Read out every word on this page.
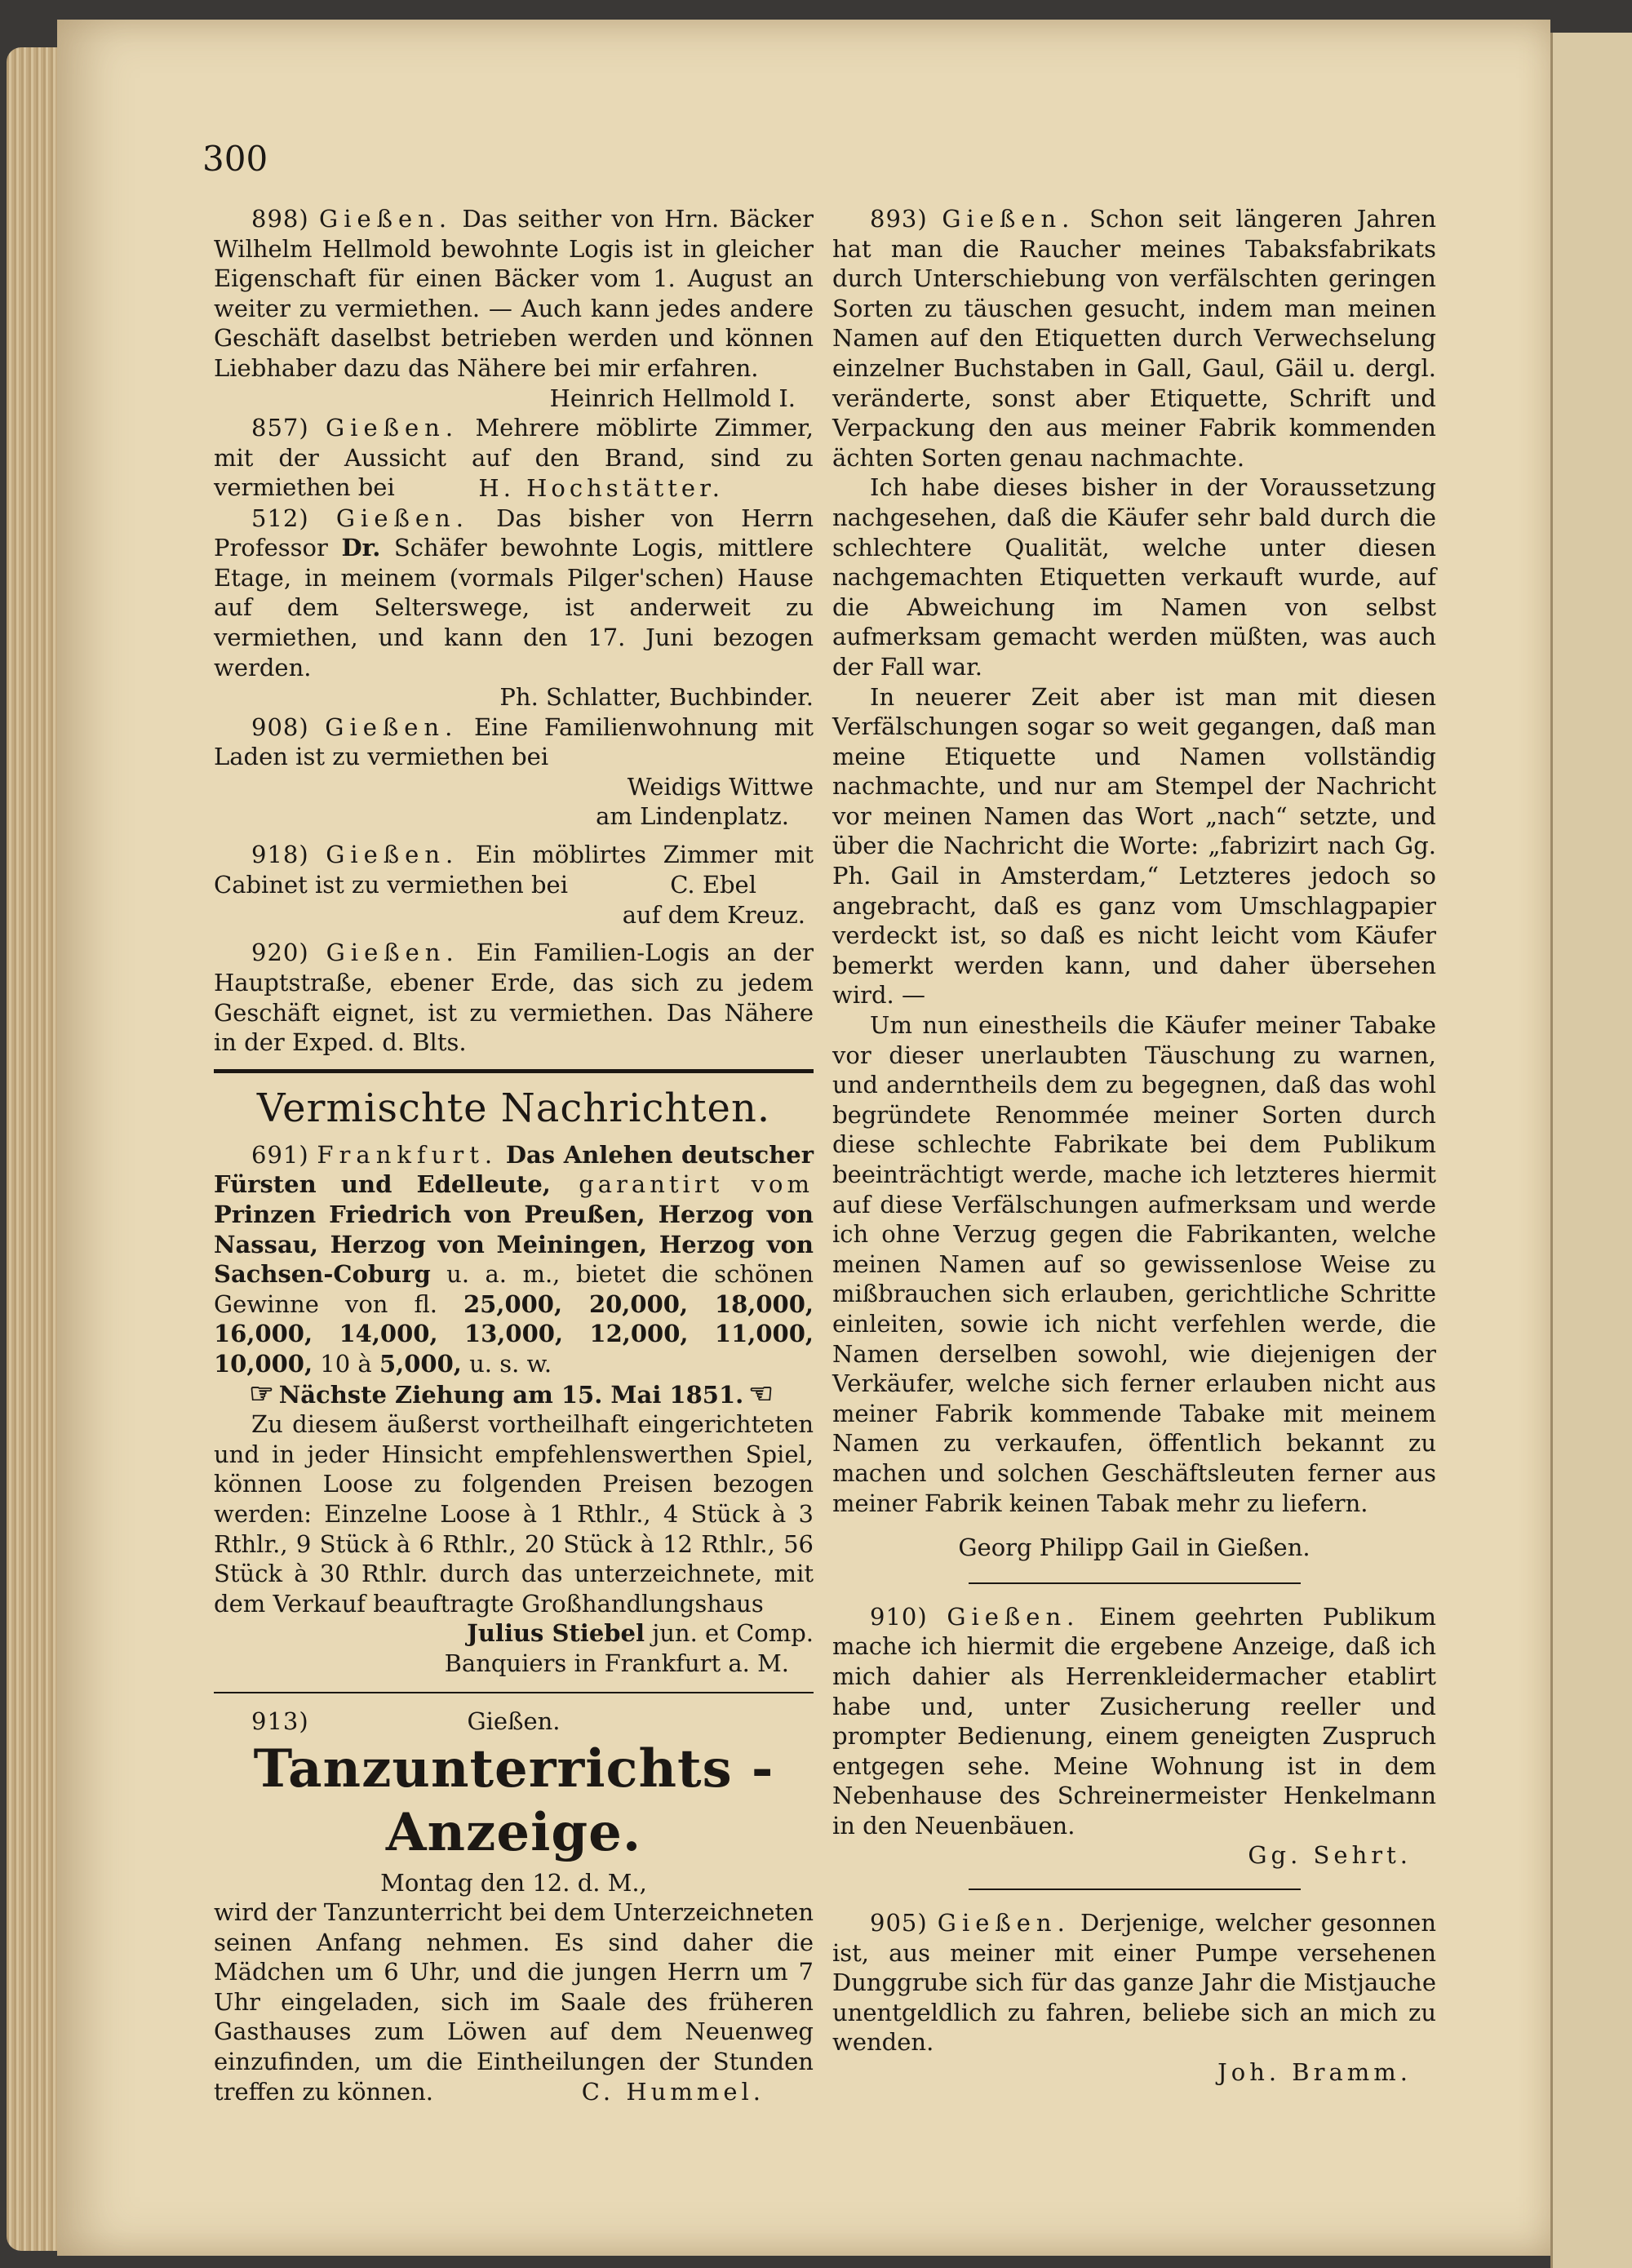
300

898) Gießen. Das seither von Hrn. Bäcker Wilhelm Hellmold bewohnte Logis ist in gleicher Eigenschaft für einen Bäcker vom 1. August an weiter zu vermiethen. — Auch kann jedes andere Geschäft daselbst betrieben werden und können Liebhaber dazu das Nähere bei mir erfahren.

Heinrich Hellmold I.

857) Gießen. Mehrere möblirte Zimmer, mit der Aussicht auf den Brand, sind zu vermiethen bei	H. Hochstätter.

512) Gießen. Das bisher von Herrn Professor Dr. Schäfer bewohnte Logis, mittlere Etage, in meinem (vormals Pilger'schen) Hause auf dem Selterswege, ist anderweit zu vermiethen, und kann den 17. Juni bezogen werden.

Ph. Schlatter, Buchbinder.

908) Gießen. Eine Familienwohnung mit Laden ist zu vermiethen bei

Weidigs Wittwe
am Lindenplatz.

918) Gießen. Ein möblirtes Zimmer mit Cabinet ist zu vermiethen bei	C. Ebel
auf dem Kreuz.

920) Gießen. Ein Familien-Logis an der Hauptstraße, ebener Erde, das sich zu jedem Geschäft eignet, ist zu vermiethen. Das Nähere in der Exped. d. Blts.

Vermischte Nachrichten.

691) Frankfurt. Das Anlehen deutscher Fürsten und Edelleute, garantirt vom Prinzen Friedrich von Preußen, Herzog von Nassau, Herzog von Meiningen, Herzog von Sachsen-Coburg u. a. m., bietet die schönen Gewinne von fl. 25,000, 20,000, 18,000, 16,000, 14,000, 13,000, 12,000, 11,000, 10,000, 10 à 5,000, u. s. w.

☞ Nächste Ziehung am 15. Mai 1851. ☜

Zu diesem äußerst vortheilhaft eingerichteten und in jeder Hinsicht empfehlenswerthen Spiel, können Loose zu folgenden Preisen bezogen werden: Einzelne Loose à 1 Rthlr., 4 Stück à 3 Rthlr., 9 Stück à 6 Rthlr., 20 Stück à 12 Rthlr., 56 Stück à 30 Rthlr. durch das unterzeichnete, mit dem Verkauf beauftragte Großhandlungshaus

Julius Stiebel jun. et Comp.
Banquiers in Frankfurt a. M.
913)	Gießen.
Tanzunterrichts - Anzeige.
Montag den 12. d. M.,
wird der Tanzunterricht bei dem Unterzeichneten seinen Anfang nehmen. Es sind daher die Mädchen um 6 Uhr, und die jungen Herrn um 7 Uhr eingeladen, sich im Saale des früheren Gasthauses zum Löwen auf dem Neuenweg einzufinden, um die Eintheilungen der Stunden treffen zu können.	C. Hummel.

893) Gießen. Schon seit längeren Jahren hat man die Raucher meines Tabaksfabrikats durch Unterschiebung von verfälschten geringen Sorten zu täuschen gesucht, indem man meinen Namen auf den Etiquetten durch Verwechselung einzelner Buchstaben in Gall, Gaul, Gäil u. dergl. veränderte, sonst aber Etiquette, Schrift und Verpackung den aus meiner Fabrik kommenden ächten Sorten genau nachmachte.

Ich habe dieses bisher in der Voraussetzung nachgesehen, daß die Käufer sehr bald durch die schlechtere Qualität, welche unter diesen nachgemachten Etiquetten verkauft wurde, auf die Abweichung im Namen von selbst aufmerksam gemacht werden müßten, was auch der Fall war.

In neuerer Zeit aber ist man mit diesen Verfälschungen sogar so weit gegangen, daß man meine Etiquette und Namen vollständig nachmachte, und nur am Stempel der Nachricht vor meinen Namen das Wort „nach“ setzte, und über die Nachricht die Worte: „fabrizirt nach Gg. Ph. Gail in Amsterdam,“ Letzteres jedoch so angebracht, daß es ganz vom Umschlagpapier verdeckt ist, so daß es nicht leicht vom Käufer bemerkt werden kann, und daher übersehen wird. —

Um nun einestheils die Käufer meiner Tabake vor dieser unerlaubten Täuschung zu warnen, und anderntheils dem zu begegnen, daß das wohl begründete Renommée meiner Sorten durch diese schlechte Fabrikate bei dem Publikum beeinträchtigt werde, mache ich letzteres hiermit auf diese Verfälschungen aufmerksam und werde ich ohne Verzug gegen die Fabrikanten, welche meinen Namen auf so gewissenlose Weise zu mißbrauchen sich erlauben, gerichtliche Schritte einleiten, sowie ich nicht verfehlen werde, die Namen derselben sowohl, wie diejenigen der Verkäufer, welche sich ferner erlauben nicht aus meiner Fabrik kommende Tabake mit meinem Namen zu verkaufen, öffentlich bekannt zu machen und solchen Geschäftsleuten ferner aus meiner Fabrik keinen Tabak mehr zu liefern.

Georg Philipp Gail in Gießen.

910) Gießen. Einem geehrten Publikum mache ich hiermit die ergebene Anzeige, daß ich mich dahier als Herrenkleidermacher etablirt habe und, unter Zusicherung reeller und prompter Bedienung, einem geneigten Zuspruch entgegen sehe. Meine Wohnung ist in dem Nebenhause des Schreinermeister Henkelmann in den Neuenbäuen.

Gg. Sehrt.

905) Gießen. Derjenige, welcher gesonnen ist, aus meiner mit einer Pumpe versehenen Dunggrube sich für das ganze Jahr die Mistjauche unentgeldlich zu fahren, beliebe sich an mich zu wenden.

Joh. Bramm.
